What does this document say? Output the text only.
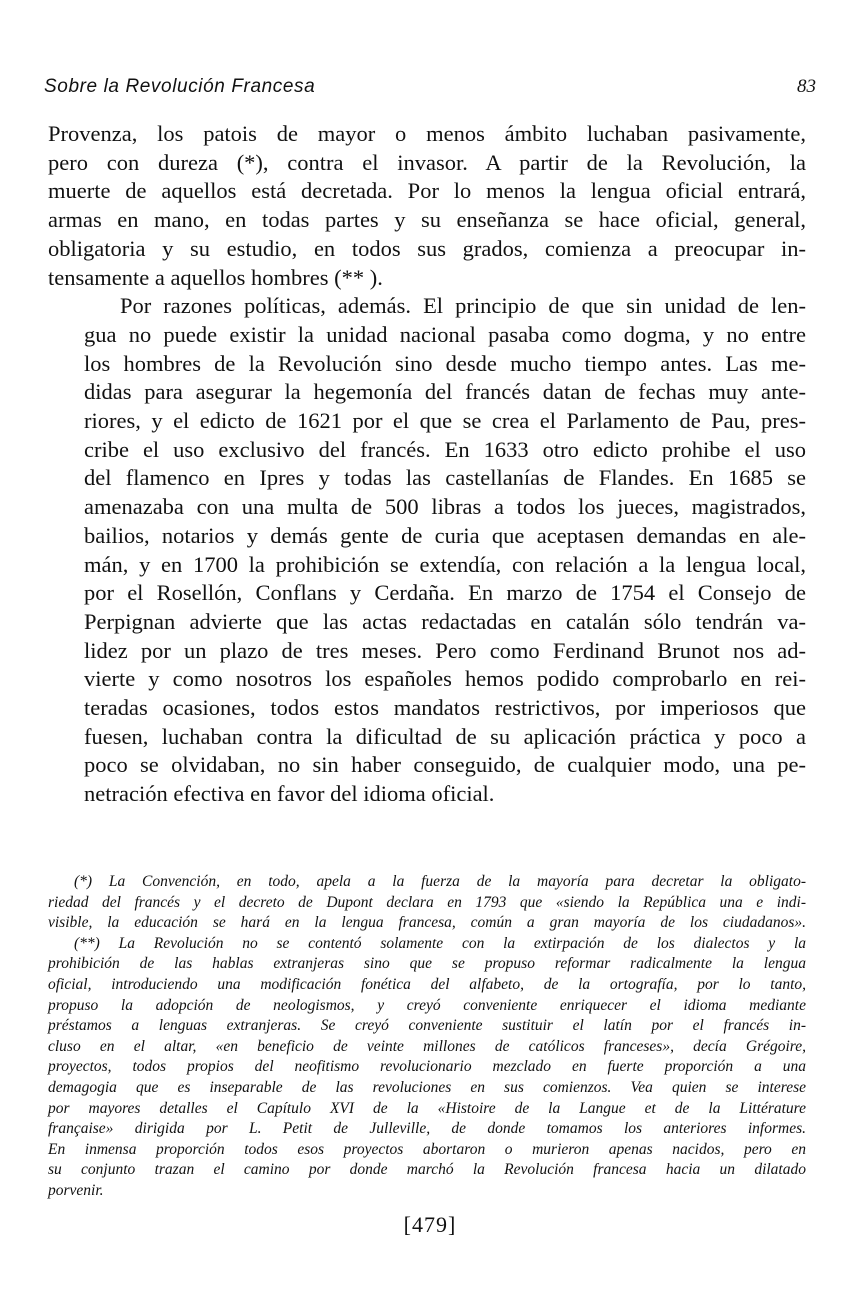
Sobre la Revolución Francesa	83

Provenza, los patois de mayor o menos ámbito luchaban pasivamente,
pero con dureza (*), contra el invasor. A partir de la Revolución, la
muerte de aquellos está decretada. Por lo menos la lengua oficial entrará,
armas en mano, en todas partes y su enseñanza se hace oficial, general,
obligatoria y su estudio, en todos sus grados, comienza a preocupar in-
tensamente a aquellos hombres (** ).

Por razones políticas, además. El principio de que sin unidad de len-
gua no puede existir la unidad nacional pasaba como dogma, y no entre
los hombres de la Revolución sino desde mucho tiempo antes. Las me-
didas para asegurar la hegemonía del francés datan de fechas muy ante-
riores, y el edicto de 1621 por el que se crea el Parlamento de Pau, pres-
cribe el uso exclusivo del francés. En 1633 otro edicto prohibe el uso
del flamenco en Ipres y todas las castellanías de Flandes. En 1685 se
amenazaba con una multa de 500 libras a todos los jueces, magistrados,
bailios, notarios y demás gente de curia que aceptasen demandas en ale-
mán, y en 1700 la prohibición se extendía, con relación a la lengua local,
por el Rosellón, Conflans y Cerdaña. En marzo de 1754 el Consejo de
Perpignan advierte que las actas redactadas en catalán sólo tendrán va-
lidez por un plazo de tres meses. Pero como Ferdinand Brunot nos ad-
vierte y como nosotros los españoles hemos podido comprobarlo en rei-
teradas ocasiones, todos estos mandatos restrictivos, por imperiosos que
fuesen, luchaban contra la dificultad de su aplicación práctica y poco a
poco se olvidaban, no sin haber conseguido, de cualquier modo, una pe-
netración efectiva en favor del idioma oficial.

(*) La Convención, en todo, apela a la fuerza de la mayoría para decretar la obligato-
riedad del francés y el decreto de Dupont declara en 1793 que «siendo la República una e indi-
visible, la educación se hará en la lengua francesa, común a gran mayoría de los ciudadanos».

(**) La Revolución no se contentó solamente con la extirpación de los dialectos y la
prohibición de las hablas extranjeras sino que se propuso reformar radicalmente la lengua
oficial, introduciendo una modificación fonética del alfabeto, de la ortografía, por lo tanto,
propuso la adopción de neologismos, y creyó conveniente enriquecer el idioma mediante
préstamos a lenguas extranjeras. Se creyó conveniente sustituir el latín por el francés in-
cluso en el altar, «en beneficio de veinte millones de católicos franceses», decía Grégoire,
proyectos, todos propios del neofitismo revolucionario mezclado en fuerte proporción a una
demagogia que es inseparable de las revoluciones en sus comienzos. Vea quien se interese
por mayores detalles el Capítulo XVI de la «Histoire de la Langue et de la Littérature
française» dirigida por L. Petit de Julleville, de donde tomamos los anteriores informes.
En inmensa proporción todos esos proyectos abortaron o murieron apenas nacidos, pero en
su conjunto trazan el camino por donde marchó la Revolución francesa hacia un dilatado
porvenir.

[479]
